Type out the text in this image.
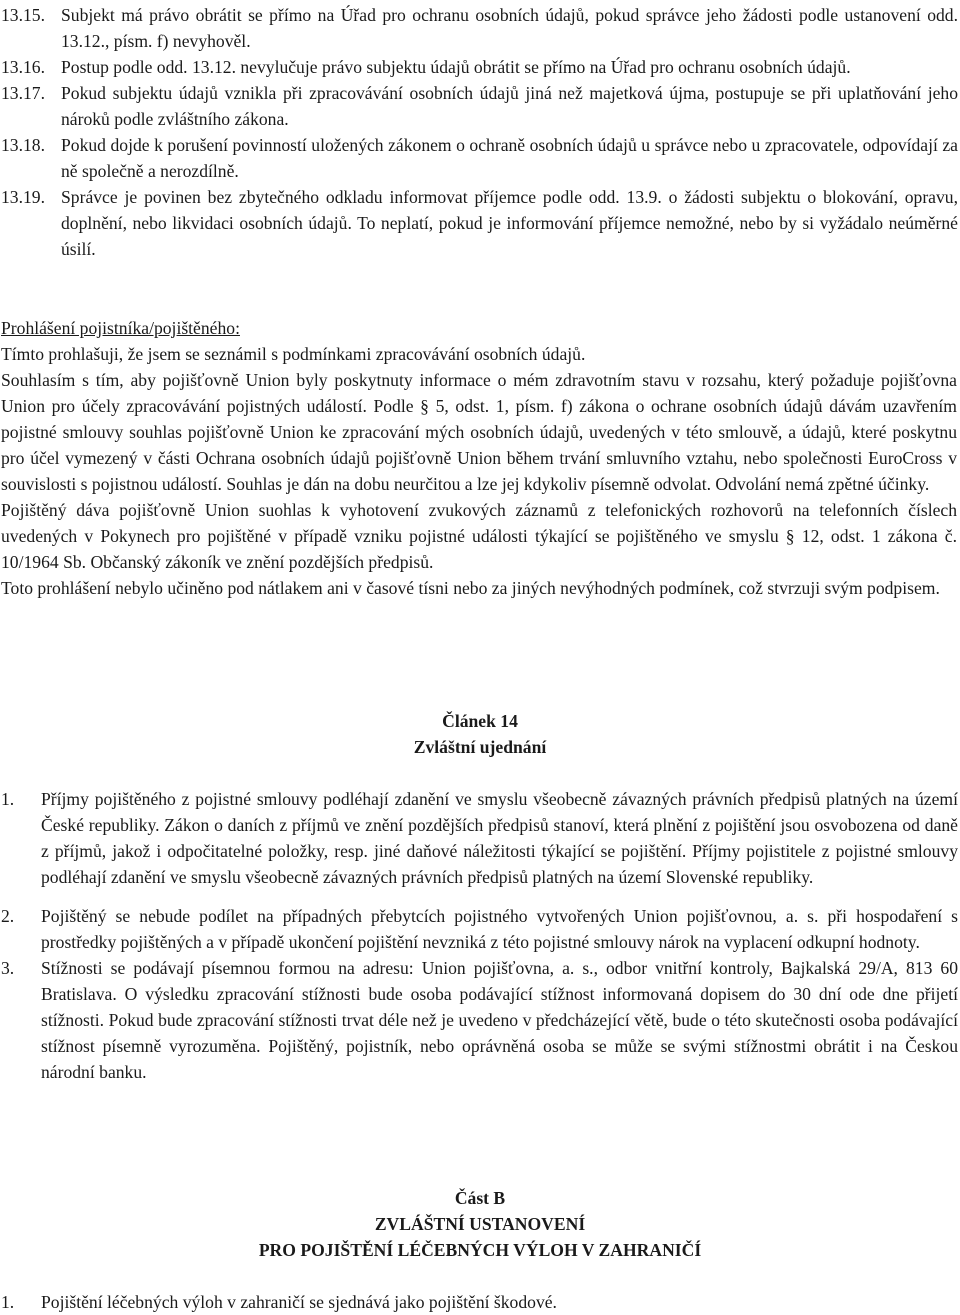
13.15. Subjekt má právo obrátit se přímo na Úřad pro ochranu osobních údajů, pokud správce jeho žádosti podle ustanovení odd. 13.12., písm. f) nevyhověl.
13.16. Postup podle odd. 13.12. nevylučuje právo subjektu údajů obrátit se přímo na Úřad pro ochranu osobních údajů.
13.17. Pokud subjektu údajů vznikla při zpracovávání osobních údajů jiná než majetková újma, postupuje se při uplatňování jeho nároků podle zvláštního zákona.
13.18. Pokud dojde k porušení povinností uložených zákonem o ochraně osobních údajů u správce nebo u zpracovatele, odpovídají za ně společně a nerozdílně.
13.19. Správce je povinen bez zbytečného odkladu informovat příjemce podle odd. 13.9. o žádosti subjektu o blokování, opravu, doplnění, nebo likvidaci osobních údajů. To neplatí, pokud je informování příjemce nemožné, nebo by si vyžádalo neúměrné úsilí.
Prohlášení pojistníka/pojištěného:
Tímto prohlašuji, že jsem se seznámil s podmínkami zpracovávání osobních údajů.
Souhlasím s tím, aby pojišťovně Union byly poskytnuty informace o mém zdravotním stavu v rozsahu, který požaduje pojišťovna Union pro účely zpracovávání pojistných událostí. Podle § 5, odst. 1, písm. f) zákona o ochrane osobních údajů dávám uzavřením pojistné smlouvy souhlas pojišťovně Union ke zpracování mých osobních údajů, uvedených v této smlouvě, a údajů, které poskytnu pro účel vymezený v části Ochrana osobních údajů pojišťovně Union během trvání smluvního vztahu, nebo společnosti EuroCross v souvislosti s pojistnou událostí. Souhlas je dán na dobu neurčitou a lze jej kdykoliv písemně odvolat. Odvolání nemá zpětné účinky.
Pojištěný dáva pojišťovně Union suohlas k vyhotovení zvukových záznamů z telefonických rozhovorů na telefonních číslech uvedených v Pokynech pro pojištěné v případě vzniku pojistné události týkající se pojištěného ve smyslu § 12, odst. 1 zákona č. 10/1964 Sb. Občanský zákoník ve znění pozdějších předpisů.
Toto prohlášení nebylo učiněno pod nátlakem ani v časové tísni nebo za jiných nevýhodných podmínek, což stvrzuji svým podpisem.
Článek 14
Zvláštní ujednání
1.	Příjmy pojištěného z pojistné smlouvy podléhají zdanění ve smyslu všeobecně závazných právních předpisů platných na území České republiky. Zákon o daních z příjmů ve znění pozdějších předpisů stanoví, která plnění z pojištění jsou osvobozena od daně z příjmů, jakož i odpočitatelné položky, resp. jiné daňové náležitosti týkající se pojištění. Příjmy pojistitele z pojistné smlouvy podléhají zdanění ve smyslu všeobecně závazných právních předpisů platných na území Slovenské republiky.
2.	Pojištěný se nebude podílet na případných přebytcích pojistného vytvořených Union pojišťovnou, a. s. při hospodaření s prostředky pojištěných a v případě ukončení pojištění nevzniká z této pojistné smlouvy nárok na vyplacení odkupní hodnoty.
3.	Stížnosti se podávají písemnou formou na adresu: Union pojišťovna, a. s., odbor vnitřní kontroly, Bajkalská 29/A, 813 60 Bratislava. O výsledku zpracování stížnosti bude osoba podávající stížnost informovaná dopisem do 30 dní ode dne přijetí stížnosti. Pokud bude zpracování stížnosti trvat déle než je uvedeno v předcházející větě, bude o této skutečnosti osoba podávající stížnost písemně vyrozuměna. Pojištěný, pojistník, nebo oprávněná osoba se může se svými stížnostmi obrátit i na Českou národní banku.
Část B
ZVLÁŠTNÍ USTANOVENÍ
PRO POJIŠTĚNÍ LÉČEBNÝCH VÝLOH V ZAHRANIČÍ
1.	Pojištění léčebných výloh v zahraničí se sjednává jako pojištění škodové.
